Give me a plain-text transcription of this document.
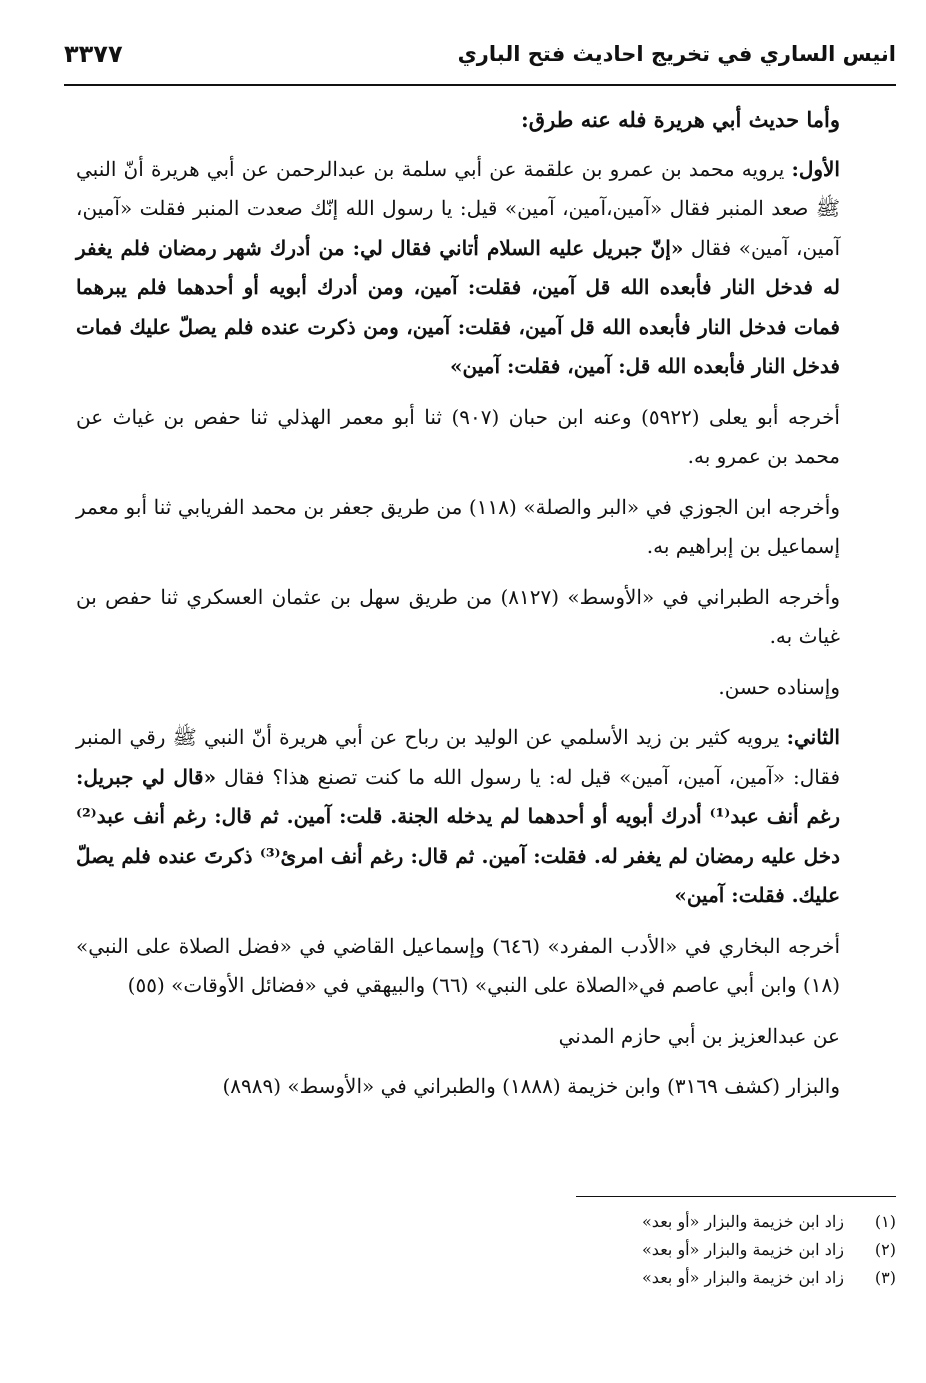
انيس الساري في تخريج احاديث فتح الباري
٣٣٧٧

وأما حديث أبي هريرة فله عنه طرق:

الأول: يرويه محمد بن عمرو بن علقمة عن أبي سلمة بن عبدالرحمن عن أبي هريرة أنّ النبي ﷺ صعد المنبر فقال «آمين،آمين، آمين» قيل: يا رسول الله إنّك صعدت المنبر فقلت «آمين، آمين، آمين» فقال «إنّ جبريل عليه السلام أتاني فقال لي: من أدرك شهر رمضان فلم يغفر له فدخل النار فأبعده الله قل آمين، فقلت: آمين، ومن أدرك أبويه أو أحدهما فلم يبرهما فمات فدخل النار فأبعده الله قل آمين، فقلت: آمين، ومن ذكرت عنده فلم يصلّ عليك فمات فدخل النار فأبعده الله قل: آمين، فقلت: آمين»

أخرجه أبو يعلى (٥٩٢٢) وعنه ابن حبان (٩٠٧) ثنا أبو معمر الهذلي ثنا حفص بن غياث عن محمد بن عمرو به.

وأخرجه ابن الجوزي في «البر والصلة» (١١٨) من طريق جعفر بن محمد الفريابي ثنا أبو معمر إسماعيل بن إبراهيم به.

وأخرجه الطبراني في «الأوسط» (٨١٢٧) من طريق سهل بن عثمان العسكري ثنا حفص بن غياث به.

وإسناده حسن.

الثاني: يرويه كثير بن زيد الأسلمي عن الوليد بن رباح عن أبي هريرة أنّ النبي ﷺ رقي المنبر فقال: «آمين، آمين، آمين» قيل له: يا رسول الله ما كنت تصنع هذا؟ فقال «قال لي جبريل: رغم أنف عبد⁽¹⁾ أدرك أبويه أو أحدهما لم يدخله الجنة. قلت: آمين. ثم قال: رغم أنف عبد⁽²⁾ دخل عليه رمضان لم يغفر له. فقلت: آمين. ثم قال: رغم أنف امرئ⁽³⁾ ذكرتَ عنده فلم يصلّ عليك. فقلت: آمين»

أخرجه البخاري في «الأدب المفرد» (٦٤٦) وإسماعيل القاضي في «فضل الصلاة على النبي» (١٨) وابن أبي عاصم في«الصلاة على النبي» (٦٦) والبيهقي في «فضائل الأوقات» (٥٥)

عن عبدالعزيز بن أبي حازم المدني

والبزار (كشف ٣١٦٩) وابن خزيمة (١٨٨٨) والطبراني في «الأوسط» (٨٩٨٩)

(١)زاد ابن خزيمة والبزار «أو بعد»
(٢)زاد ابن خزيمة والبزار «أو بعد»
(٣)زاد ابن خزيمة والبزار «أو بعد»
